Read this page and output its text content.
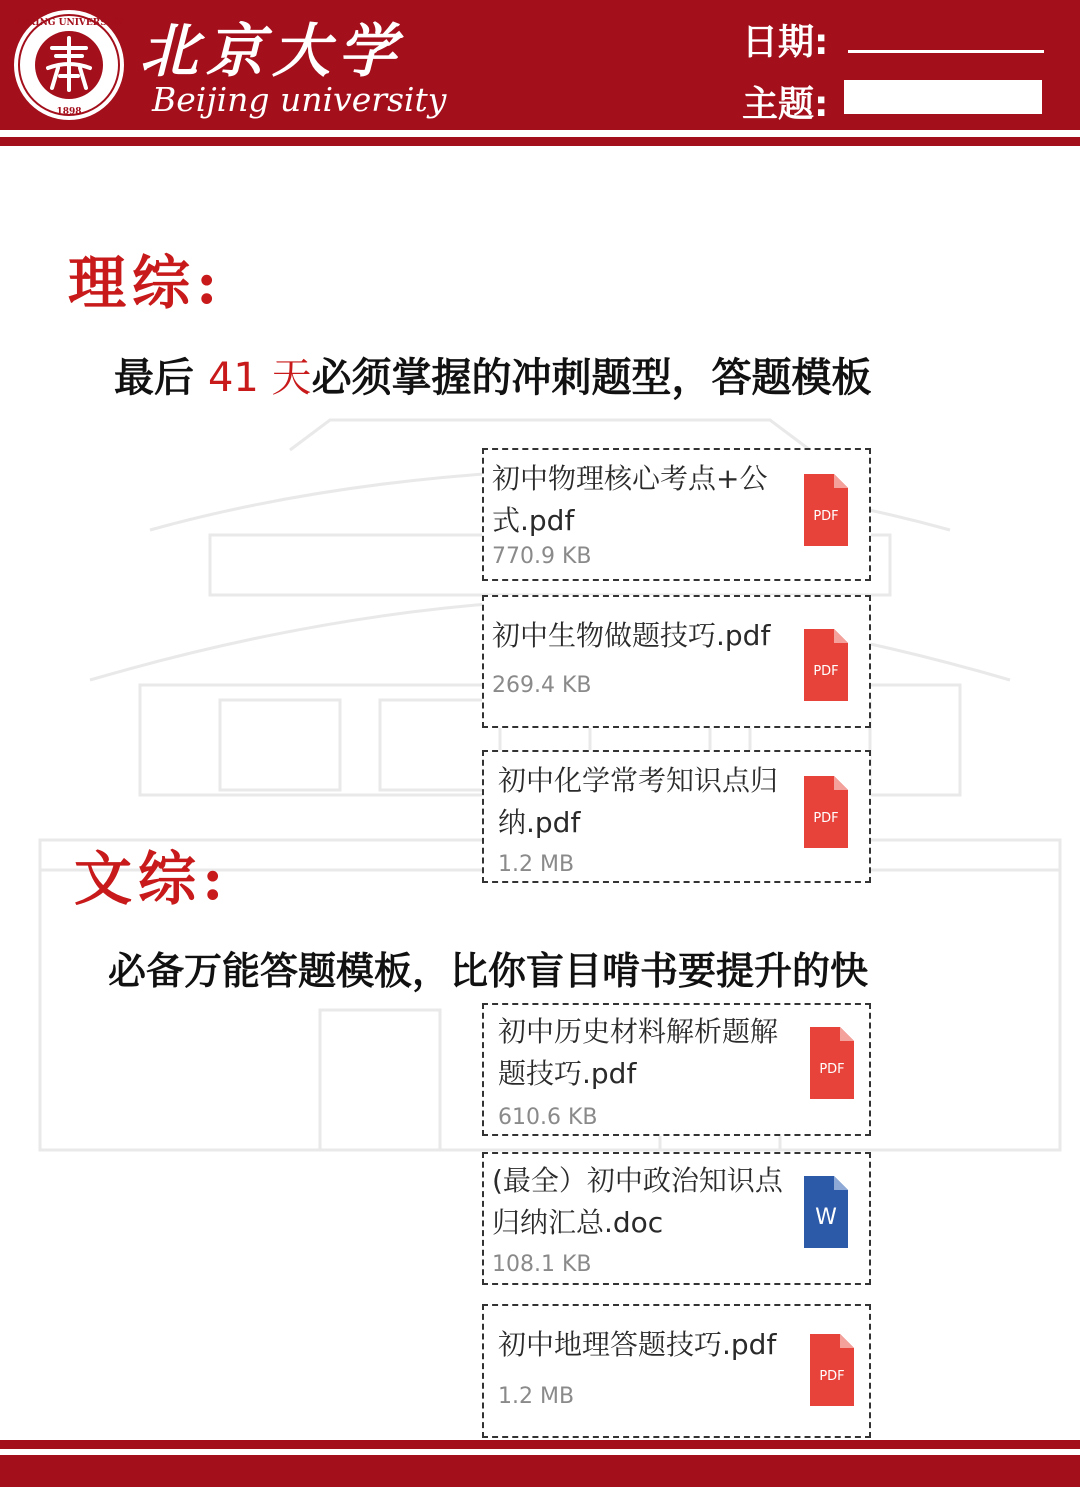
PEKING UNIVERSITY
1898
北京大学
Beijing university
日期:
主题:
理综:
最后 41 天必须掌握的冲刺题型，答题模板
初中物理核心考点+公式.pdf
770.9 KB
PDF
初中生物做题技巧.pdf
269.4 KB
PDF
初中化学常考知识点归纳.pdf
1.2 MB
PDF
文综:
必备万能答题模板，比你盲目啃书要提升的快
初中历史材料解析题解题技巧.pdf
610.6 KB
PDF
(最全）初中政治知识点归纳汇总.doc
108.1 KB
W
初中地理答题技巧.pdf
1.2 MB
PDF
